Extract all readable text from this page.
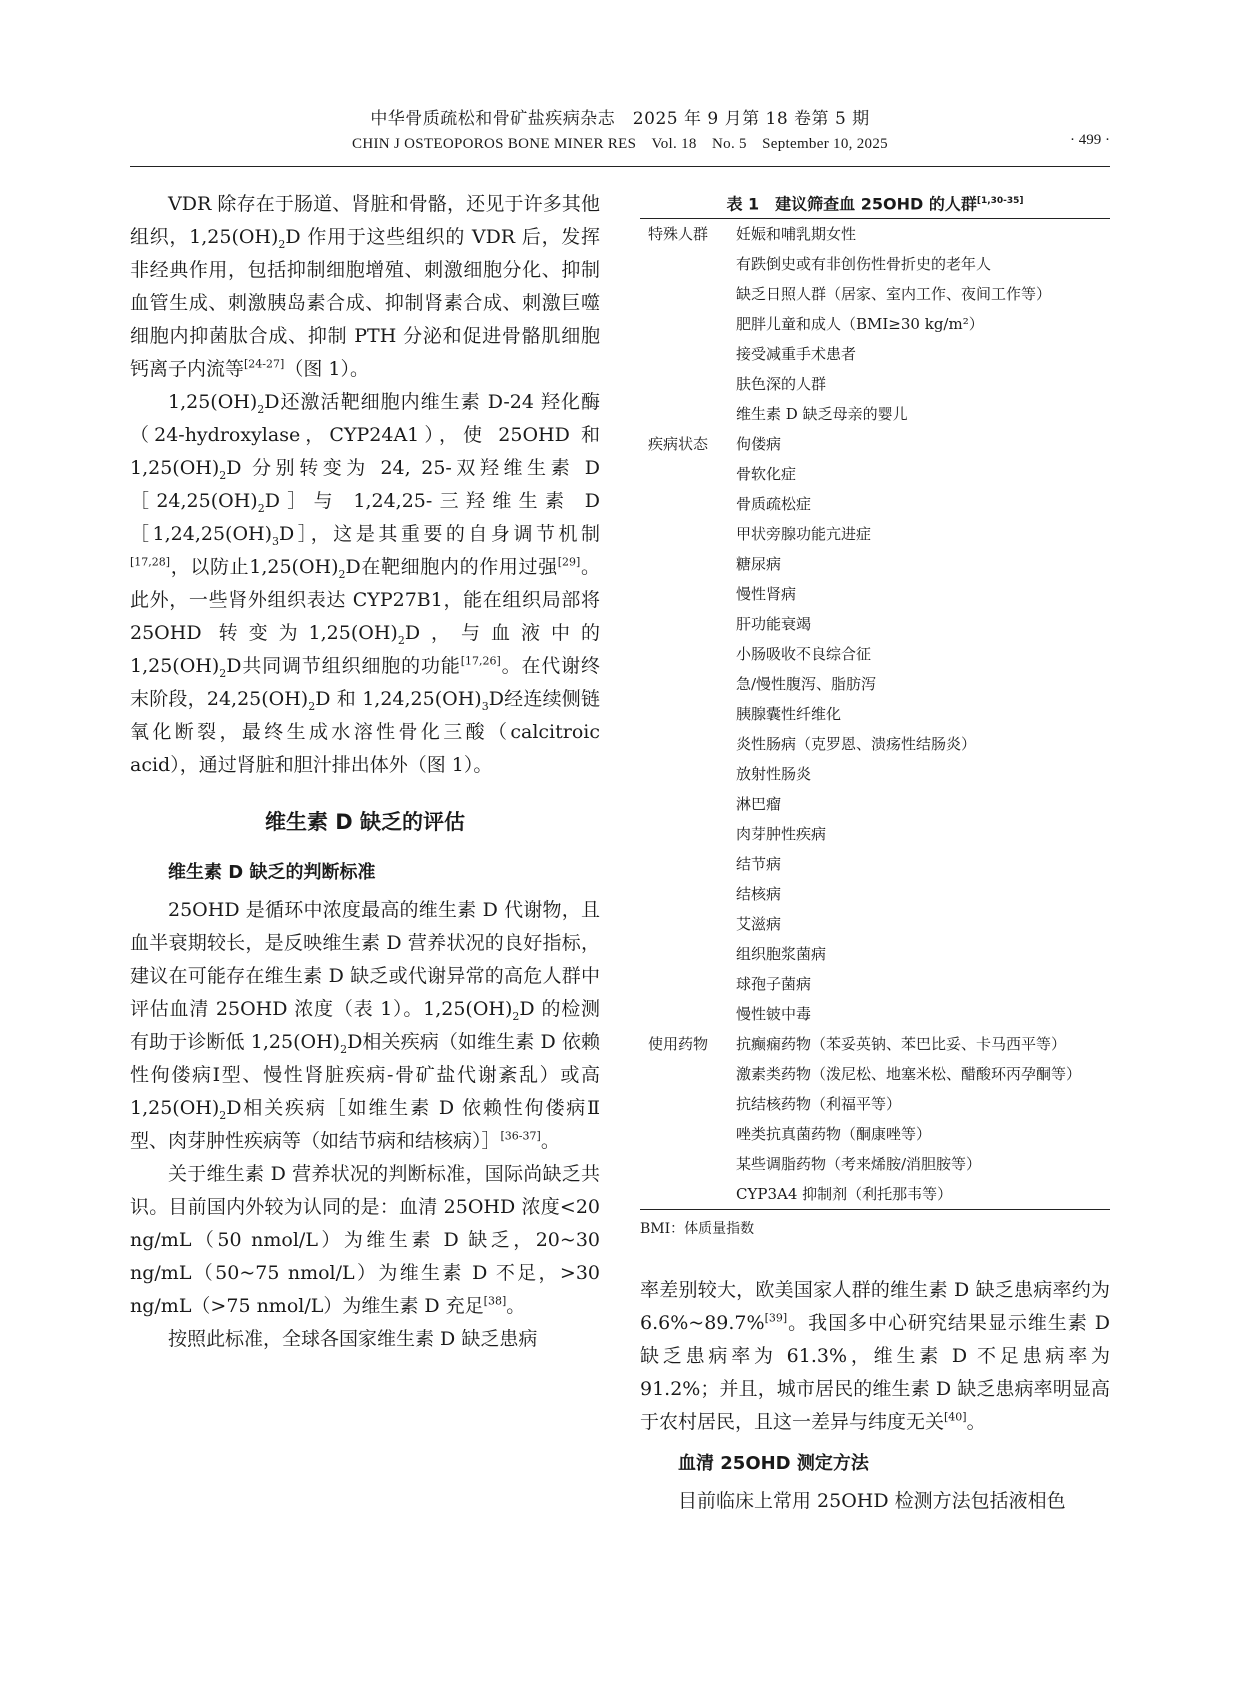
中华骨质疏松和骨矿盐疾病杂志　2025 年 9 月第 18 卷第 5 期
CHIN J OSTEOPOROS BONE MINER RES　Vol. 18　No. 5　September 10, 2025	· 499 ·

VDR 除存在于肠道、肾脏和骨骼，还见于许多其他组织，$1,25(OH)_2D$ 作用于这些组织的 VDR 后，发挥非经典作用，包括抑制细胞增殖、刺激细胞分化、抑制血管生成、刺激胰岛素合成、抑制肾素合成、刺激巨噬细胞内抑菌肽合成、抑制 PTH 分泌和促进骨骼肌细胞钙离子内流等[24-27]（图 1）。

$1,25(OH)_2D$还激活靶细胞内维生素 D-24 羟化酶（24-hydroxylase，CYP24A1），使 25OHD 和 $1,25(OH)_2D$ 分别转变为 24, 25-双羟维生素 $D[24,25(OH)_2D]$与 1,24,25-三羟维生素 $D[1,24,25(OH)_3D]$，这是其重要的自身调节机制[17,28]，以防止$1,25(OH)_2D$在靶细胞内的作用过强[29]。此外，一些肾外组织表达 CYP27B1，能在组织局部将 25OHD 转变为$1,25(OH)_2D$，与血液中的$1,25(OH)_2D$共同调节组织细胞的功能[17,26]。在代谢终末阶段，$24,25(OH)_2D$ 和 $1,24,25(OH)_3D$经连续侧链氧化断裂，最终生成水溶性骨化三酸（calcitroic acid），通过肾脏和胆汁排出体外（图 1）。

维生素 D 缺乏的评估
维生素 D 缺乏的判断标准

25OHD 是循环中浓度最高的维生素 D 代谢物，且血半衰期较长，是反映维生素 D 营养状况的良好指标，建议在可能存在维生素 D 缺乏或代谢异常的高危人群中评估血清 25OHD 浓度（表 1）。$1,25(OH)_2D$ 的检测有助于诊断低 $1,25(OH)_2D$相关疾病（如维生素 D 依赖性佝偻病Ⅰ型、慢性肾脏疾病-骨矿盐代谢紊乱）或高 $1,25(OH)_2D$相关疾病［如维生素 D 依赖性佝偻病Ⅱ型、肉芽肿性疾病等（如结节病和结核病）］[36-37]。

关于维生素 D 营养状况的判断标准，国际尚缺乏共识。目前国内外较为认同的是：血清 25OHD 浓度<20 ng/mL（50 nmol/L）为维生素 D 缺乏，20~30 ng/mL（50~75 nmol/L）为维生素 D 不足，>30 ng/mL（>75 nmol/L）为维生素 D 充足[38]。

按照此标准，全球各国家维生素 D 缺乏患病

表 1　建议筛查血 25OHD 的人群[1,30-35]
特殊人群	妊娠和哺乳期女性
	有跌倒史或有非创伤性骨折史的老年人
	缺乏日照人群（居家、室内工作、夜间工作等）
	肥胖儿童和成人（BMI≥30 kg/m²）
	接受减重手术患者
	肤色深的人群
	维生素 D 缺乏母亲的婴儿
疾病状态	佝偻病
	骨软化症
	骨质疏松症
	甲状旁腺功能亢进症
	糖尿病
	慢性肾病
	肝功能衰竭
	小肠吸收不良综合征
	急/慢性腹泻、脂肪泻
	胰腺囊性纤维化
	炎性肠病（克罗恩、溃疡性结肠炎）
	放射性肠炎
	淋巴瘤
	肉芽肿性疾病
	结节病
	结核病
	艾滋病
	组织胞浆菌病
	球孢子菌病
	慢性铍中毒
使用药物	抗癫痫药物（苯妥英钠、苯巴比妥、卡马西平等）
	激素类药物（泼尼松、地塞米松、醋酸环丙孕酮等）
	抗结核药物（利福平等）
	唑类抗真菌药物（酮康唑等）
	某些调脂药物（考来烯胺/消胆胺等）
	CYP3A4 抑制剂（利托那韦等）
BMI：体质量指数

率差别较大，欧美国家人群的维生素 D 缺乏患病率约为 6.6%~89.7%[39]。我国多中心研究结果显示维生素 D 缺乏患病率为 61.3%，维生素 D 不足患病率为 91.2%；并且，城市居民的维生素 D 缺乏患病率明显高于农村居民，且这一差异与纬度无关[40]。

血清 25OHD 测定方法

目前临床上常用 25OHD 检测方法包括液相色
